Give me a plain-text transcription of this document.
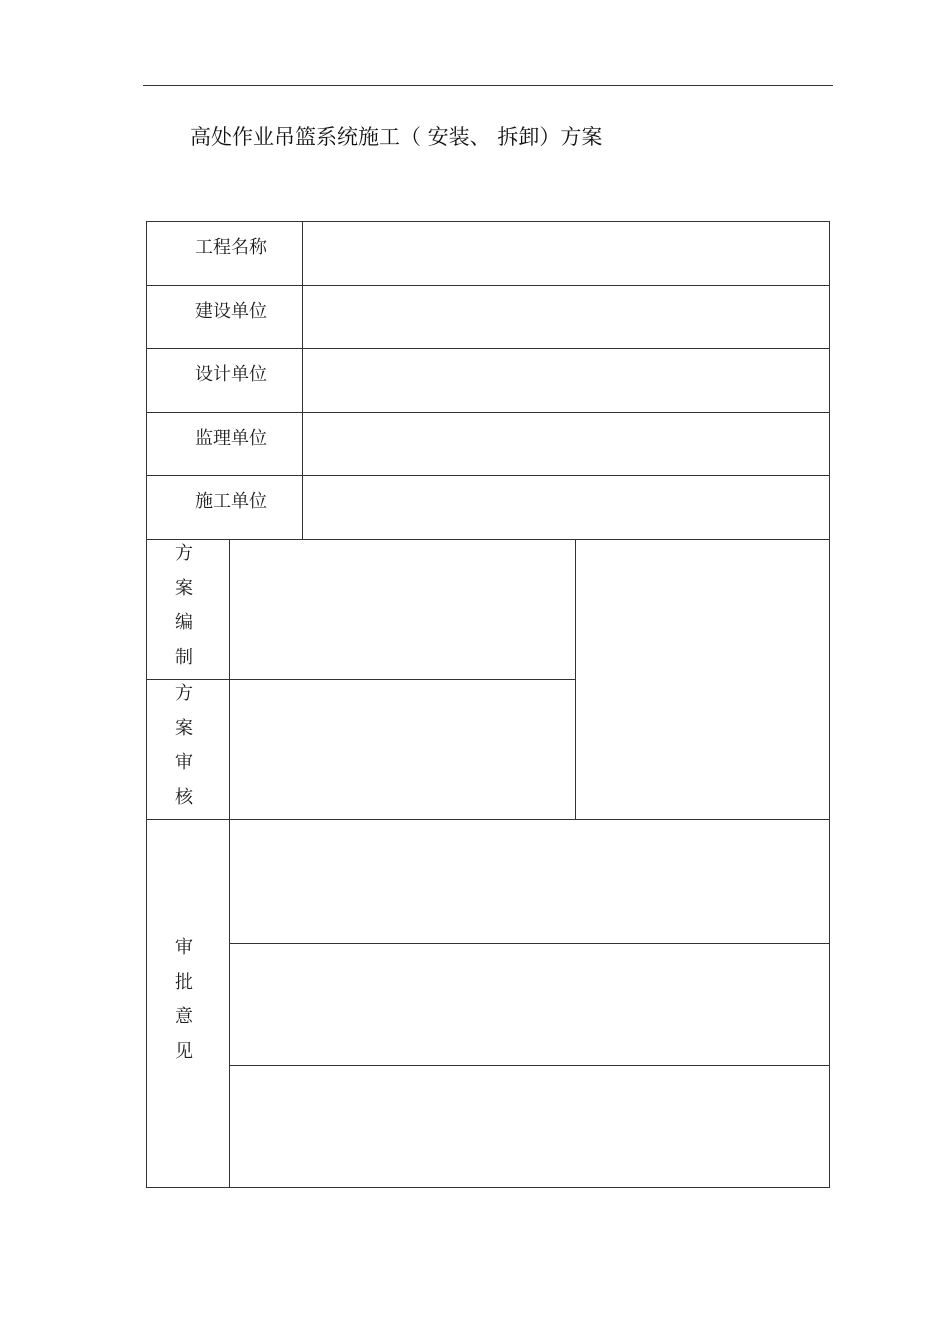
高处作业吊篮系统施工（ 安装、 拆卸）方案
工程名称
建设单位
设计单位
监理单位
施工单位
方案编制
方案审核
审批意见
